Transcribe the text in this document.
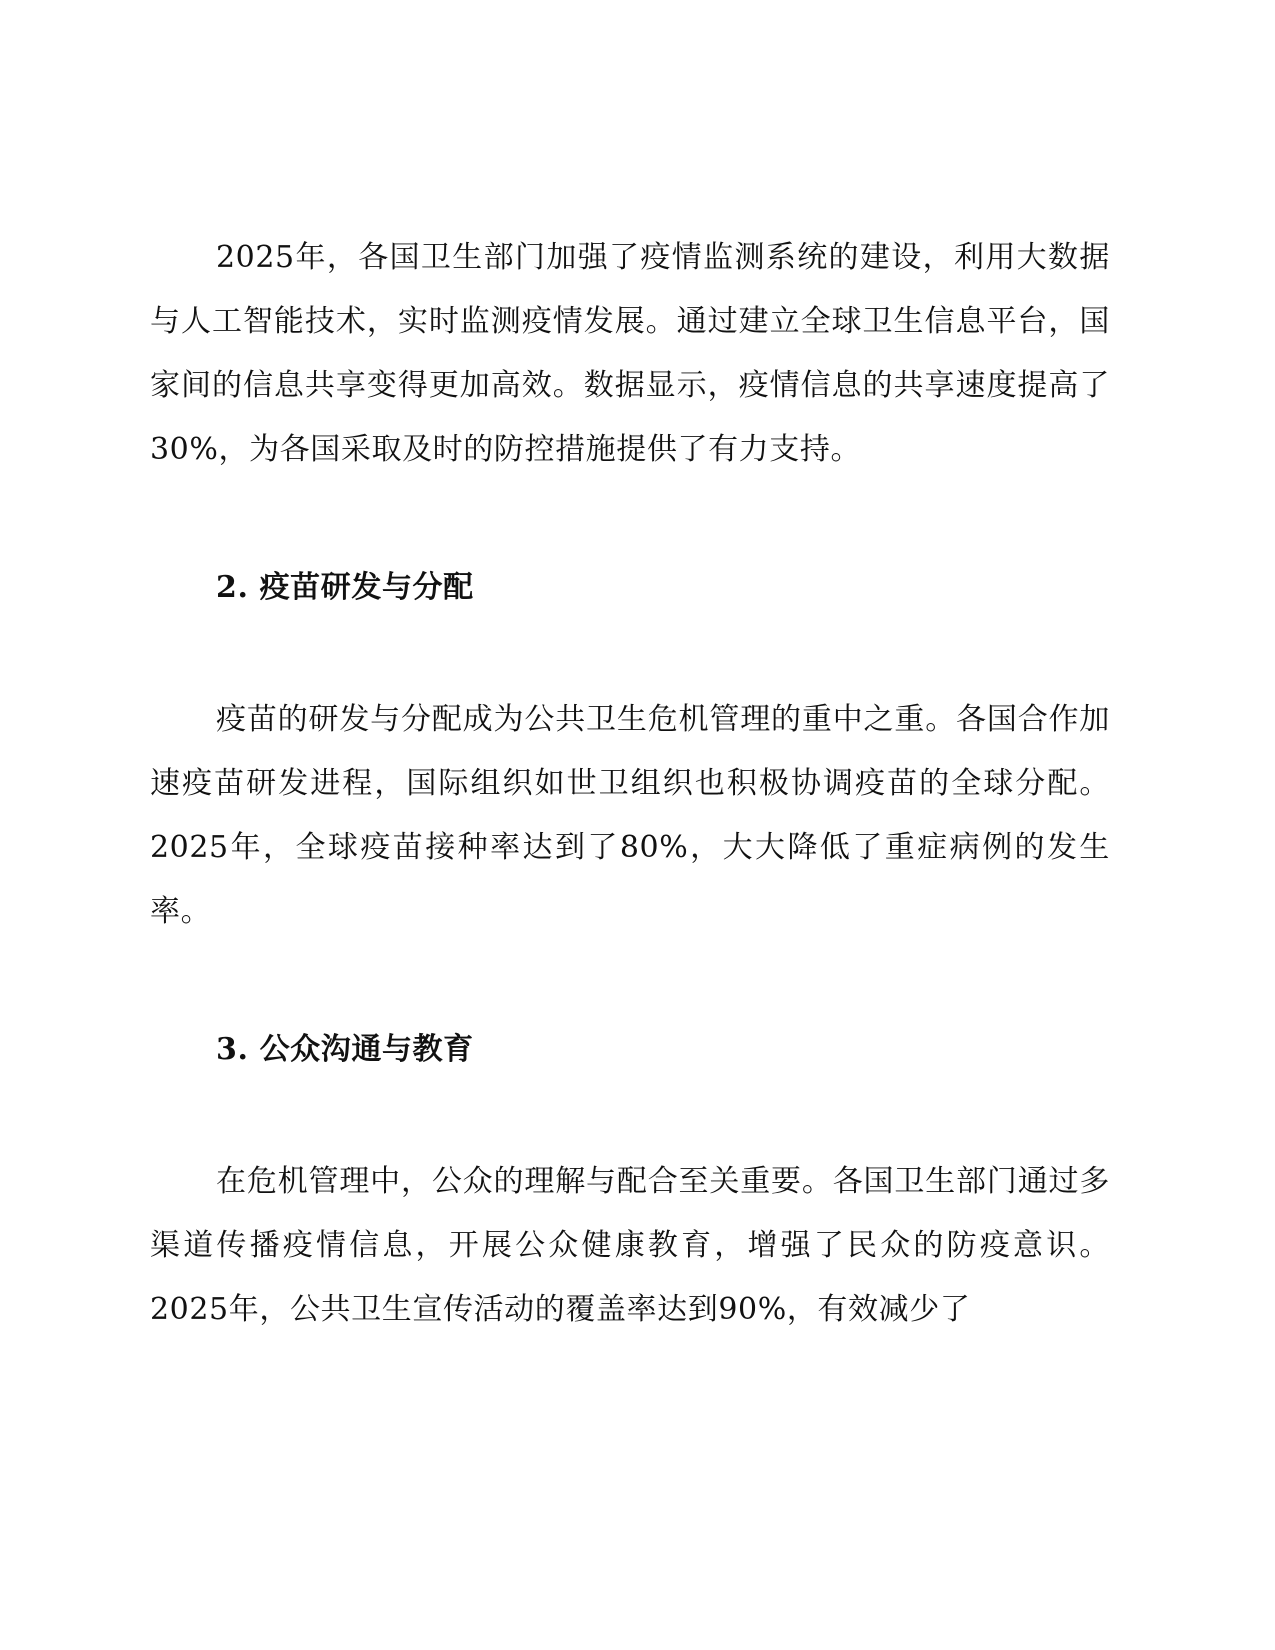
2025年，各国卫生部门加强了疫情监测系统的建设，利用大数据与人工智能技术，实时监测疫情发展。通过建立全球卫生信息平台，国家间的信息共享变得更加高效。数据显示，疫情信息的共享速度提高了30%，为各国采取及时的防控措施提供了有力支持。

2. 疫苗研发与分配

疫苗的研发与分配成为公共卫生危机管理的重中之重。各国合作加速疫苗研发进程，国际组织如世卫组织也积极协调疫苗的全球分配。2025年，全球疫苗接种率达到了80%，大大降低了重症病例的发生率。

3. 公众沟通与教育

在危机管理中，公众的理解与配合至关重要。各国卫生部门通过多渠道传播疫情信息，开展公众健康教育，增强了民众的防疫意识。2025年，公共卫生宣传活动的覆盖率达到90%，有效减少了
